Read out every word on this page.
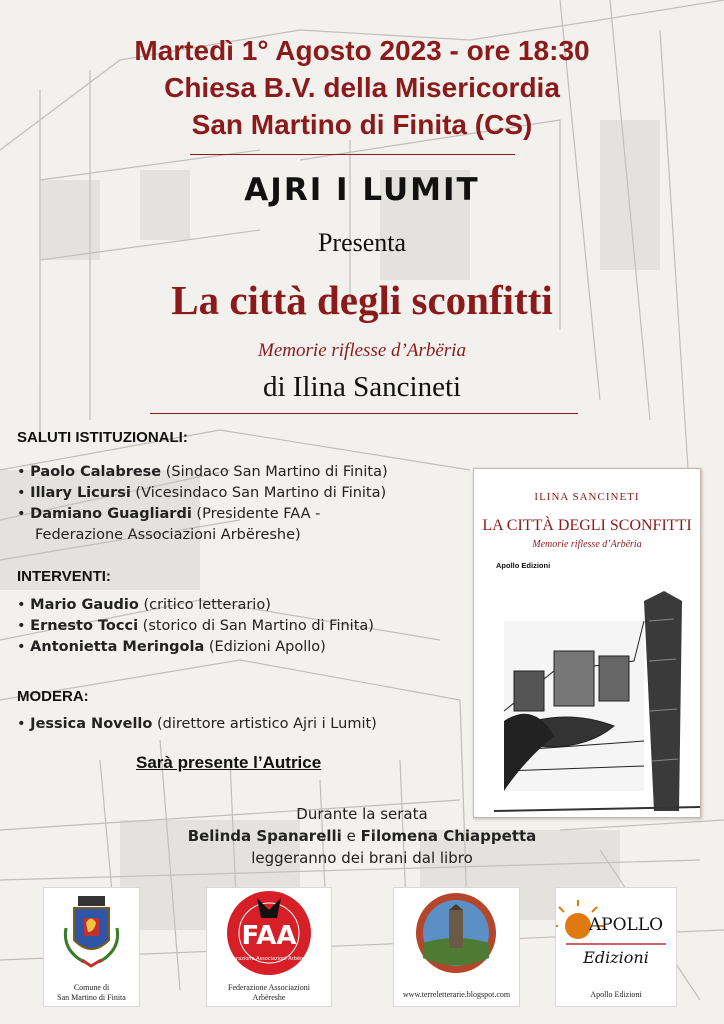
Martedì 1° Agosto 2023 - ore 18:30
Chiesa B.V. della Misericordia
San Martino di Finita (CS)
AJRI I LUMIT
Presenta
La città degli sconfitti
Memorie riflesse d’Arbëria
di Ilina Sancineti
SALUTI ISTITUZIONALI:
• Paolo Calabrese (Sindaco San Martino di Finita)
• Illary Licursi (Vicesindaco San Martino di Finita)
• Damiano Guagliardi (Presidente FAA -
Federazione Associazioni Arbëreshe)
INTERVENTI:
• Mario Gaudio (critico letterario)
• Ernesto Tocci (storico di San Martino di Finita)
• Antonietta Meringola (Edizioni Apollo)
MODERA:
• Jessica Novello (direttore artistico Ajri i Lumit)
Sarà presente l’Autrice
Durante la serata
Belinda Spanarelli e Filomena Chiappetta
leggeranno dei brani dal libro
ILINA SANCINETI
LA CITTÀ DEGLI SCONFITTI
Memorie riflesse d’Arbëria
Apollo Edizioni
Comune di
San Martino di Finita
FAA
Federazione Associazioni Arbëreshe
Federazione Associazioni
Arbëreshe	www.terreletterarie.blogspot.com
APOLLO
Edizioni
Apollo Edizioni
